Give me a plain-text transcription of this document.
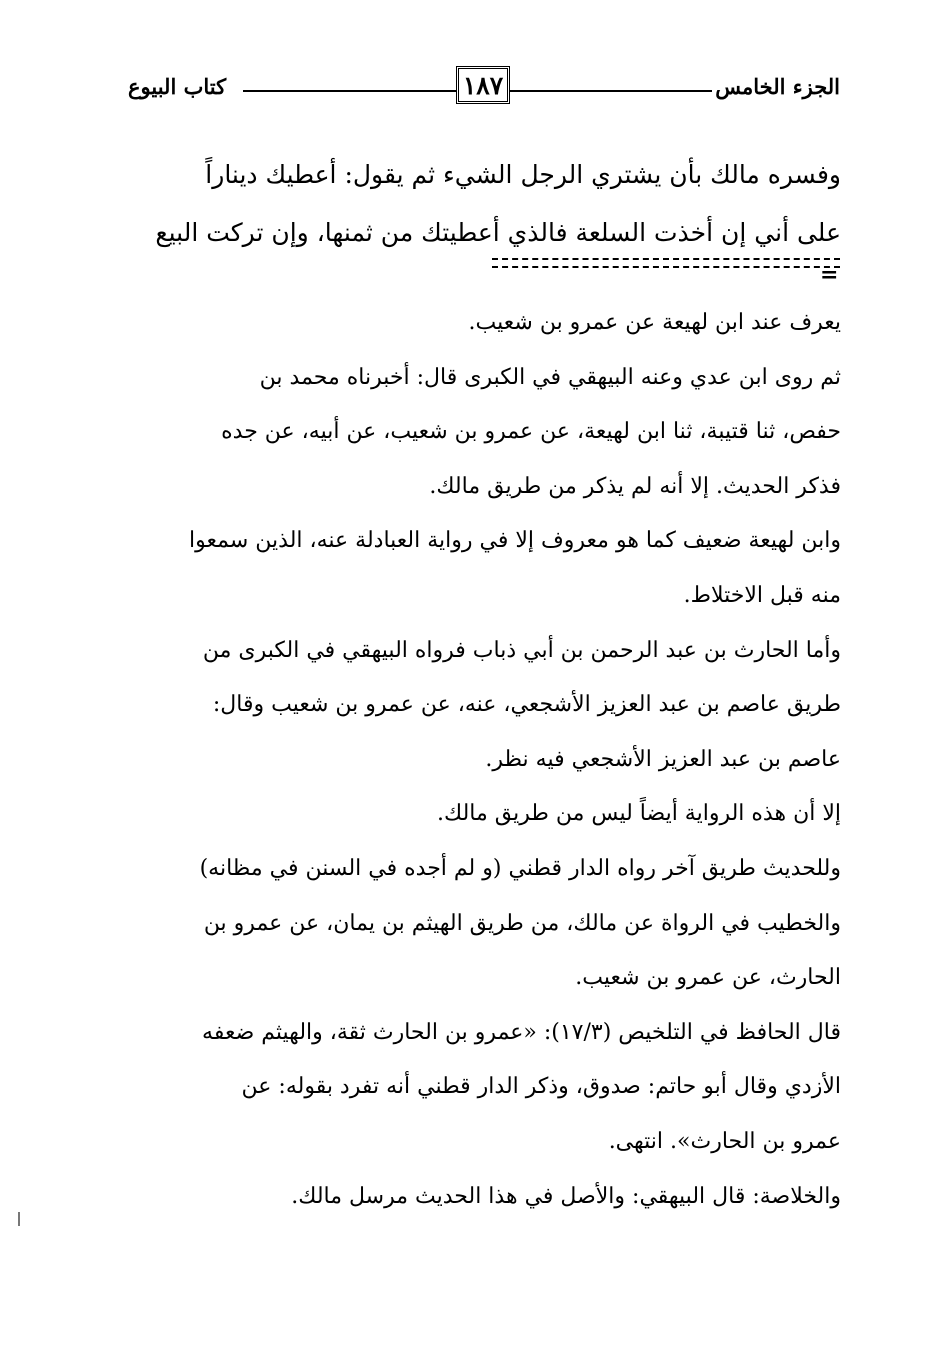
الجزء الخامس
١٨٧
كتاب البيوع
وفسره مالك بأن يشتري الرجل الشيء ثم يقول: أعطيك ديناراً
على أني إن أخذت السلعة فالذي أعطيتك من ثمنها، وإن تركت البيع
=
يعرف عند ابن لهيعة عن عمرو بن شعيب.
ثم روى ابن عدي وعنه البيهقي في الكبرى قال: أخبرناه محمد بن
حفص، ثنا قتيبة، ثنا ابن لهيعة، عن عمرو بن شعيب، عن أبيه، عن جده
فذكر الحديث. إلا أنه لم يذكر من طريق مالك.
وابن لهيعة ضعيف كما هو معروف إلا في رواية العبادلة عنه، الذين سمعوا
منه قبل الاختلاط.
وأما الحارث بن عبد الرحمن بن أبي ذباب فرواه البيهقي في الكبرى من
طريق عاصم بن عبد العزيز الأشجعي، عنه، عن عمرو بن شعيب وقال:
عاصم بن عبد العزيز الأشجعي فيه نظر.
إلا أن هذه الرواية أيضاً ليس من طريق مالك.
وللحديث طريق آخر رواه الدار قطني (و لم أجده في السنن في مظانه)
والخطيب في الرواة عن مالك، من طريق الهيثم بن يمان، عن عمرو بن
الحارث، عن عمرو بن شعيب.
قال الحافظ في التلخيص (١٧/٣): «عمرو بن الحارث ثقة، والهيثم ضعفه
الأزدي وقال أبو حاتم: صدوق، وذكر الدار قطني أنه تفرد بقوله: عن
عمرو بن الحارث». انتهى.
والخلاصة: قال البيهقي: والأصل في هذا الحديث مرسل مالك.
